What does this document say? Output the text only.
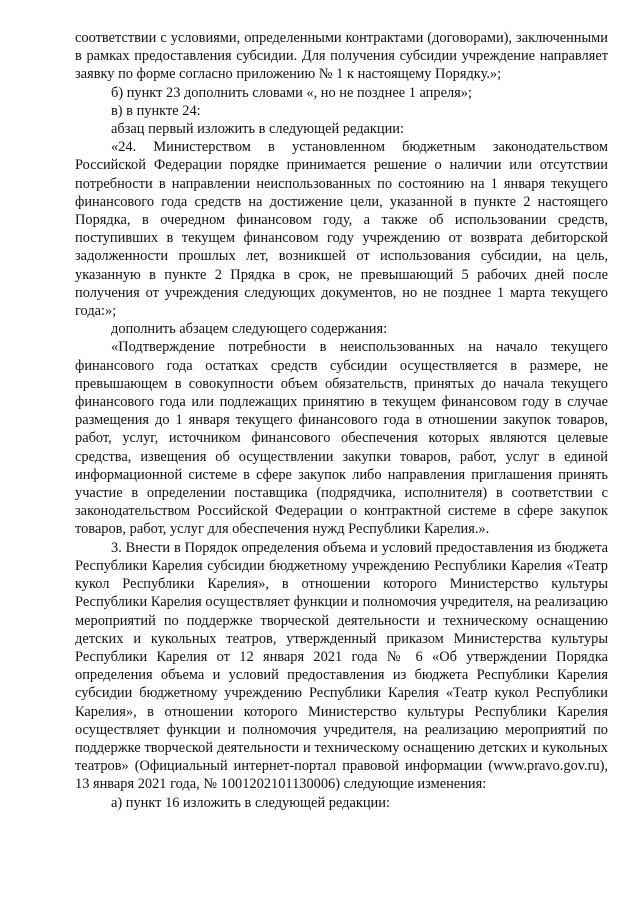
соответствии с условиями, определенными контрактами (договорами), заключенными в рамках предоставления субсидии. Для получения субсидии учреждение направляет заявку по форме согласно приложению № 1 к настоящему Порядку.»;

б) пункт 23 дополнить словами «, но не позднее 1 апреля»;

в) в пункте 24:

абзац первый изложить в следующей редакции:

«24. Министерством в установленном бюджетным законодательством Российской Федерации порядке принимается решение о наличии или отсутствии потребности в направлении неиспользованных по состоянию на 1 января текущего финансового года средств на достижение цели, указанной в пункте 2 настоящего Порядка, в очередном финансовом году, а также об использовании средств, поступивших в текущем финансовом году учреждению от возврата дебиторской задолженности прошлых лет, возникшей от использования субсидии, на цель, указанную в пункте 2 Прядка в срок, не превышающий 5 рабочих дней после получения от учреждения следующих документов, но не позднее 1 марта текущего года:»;

дополнить абзацем следующего содержания:

«Подтверждение потребности в неиспользованных на начало текущего финансового года остатках средств субсидии осуществляется в размере, не превышающем в совокупности объем обязательств, принятых до начала текущего финансового года или подлежащих принятию в текущем финансовом году в случае размещения до 1 января текущего финансового года в отношении закупок товаров, работ, услуг, источником финансового обеспечения которых являются целевые средства, извещения об осуществлении закупки товаров, работ, услуг в единой информационной системе в сфере закупок либо направления приглашения принять участие в определении поставщика (подрядчика, исполнителя) в соответствии с законодательством Российской Федерации о контрактной системе в сфере закупок товаров, работ, услуг для обеспечения нужд Республики Карелия.».

3. Внести в Порядок определения объема и условий предоставления из бюджета Республики Карелия субсидии бюджетному учреждению Республики Карелия «Театр кукол Республики Карелия», в отношении которого Министерство культуры Республики Карелия осуществляет функции и полномочия учредителя, на реализацию мероприятий по поддержке творческой деятельности и техническому оснащению детских и кукольных театров, утвержденный приказом Министерства культуры Республики Карелия от 12 января 2021 года № 6 «Об утверждении Порядка определения объема и условий предоставления из бюджета Республики Карелия субсидии бюджетному учреждению Республики Карелия «Театр кукол Республики Карелия», в отношении которого Министерство культуры Республики Карелия осуществляет функции и полномочия учредителя, на реализацию мероприятий по поддержке творческой деятельности и техническому оснащению детских и кукольных театров» (Официальный интернет-портал правовой информации (www.pravo.gov.ru), 13 января 2021 года, № 1001202101130006) следующие изменения:

а) пункт 16 изложить в следующей редакции:
